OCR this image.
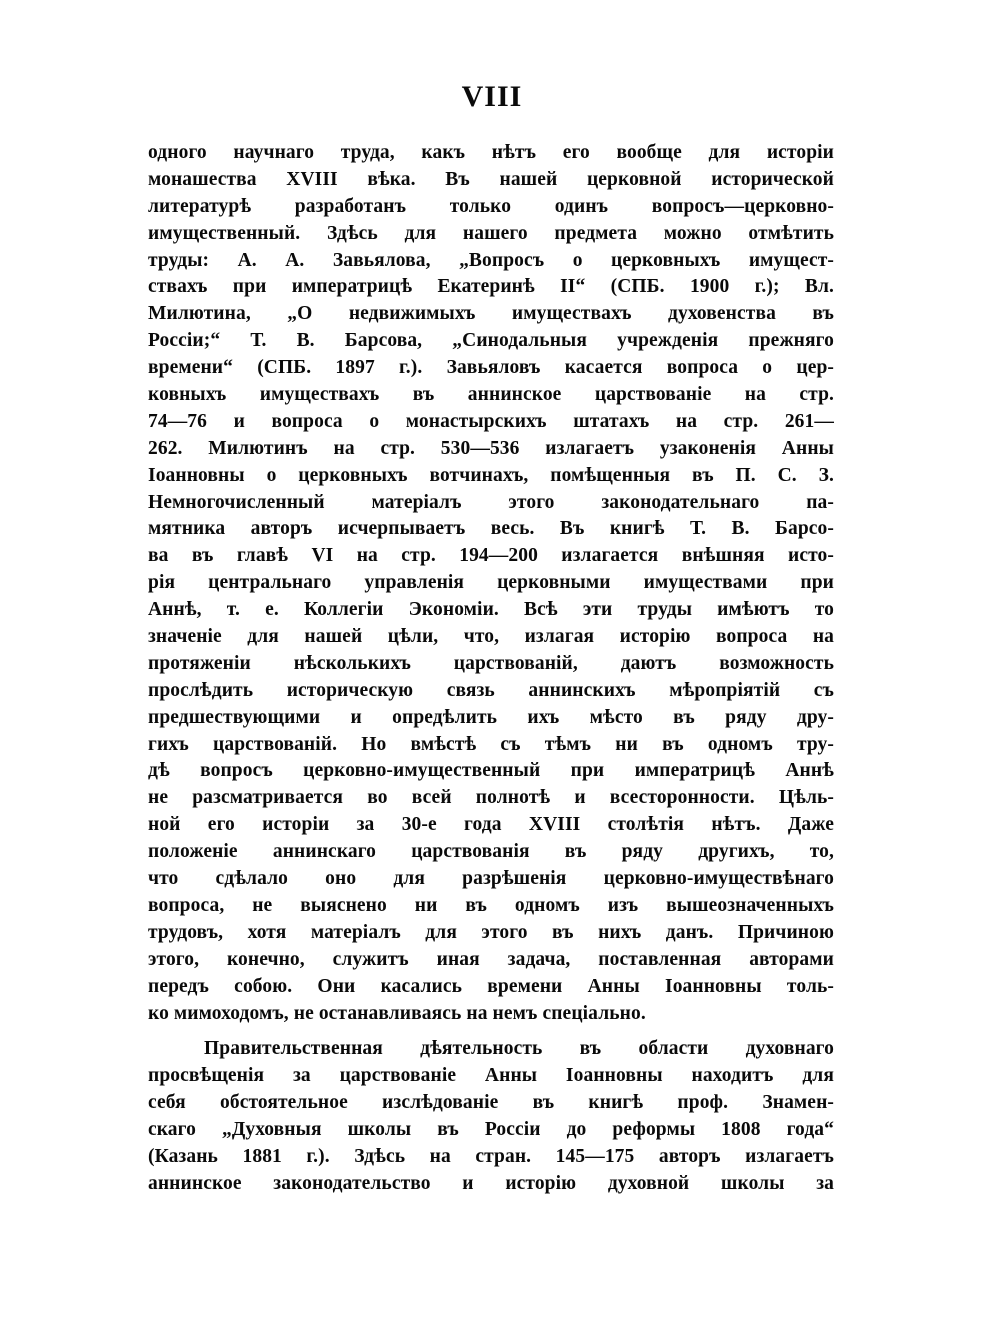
VIII
одного научнаго труда, какъ нѣтъ его вообще для исторіи
монашества XVIII вѣка. Въ нашей церковной исторической
литературѣ разработанъ только одинъ вопросъ—церковно-
имущественный. Здѣсь для нашего предмета можно отмѣтить
труды: А. А. Завьялова, „Вопросъ о церковныхъ имущест-
ствахъ при императрицѣ Екатеринѣ II“ (СПБ. 1900 г.); Вл.
Милютина, „О недвижимыхъ имуществахъ духовенства въ
Россіи;“ Т. В. Барсова, „Синодальныя учрежденія прежняго
времени“ (СПБ. 1897 г.). Завьяловъ касается вопроса о цер-
ковныхъ имуществахъ въ аннинское царствованіе на стр.
74—76 и вопроса о монастырскихъ штатахъ на стр. 261—
262. Милютинъ на стр. 530—536 излагаетъ узаконенія Анны
Іоанновны о церковныхъ вотчинахъ, помѣщенныя въ П. С. З.
Немногочисленный матеріалъ этого законодательнаго па-
мятника авторъ исчерпываетъ весь. Въ книгѣ Т. В. Барсо-
ва въ главѣ VI на стр. 194—200 излагается внѣшняя исто-
рія центральнаго управленія церковными имуществами при
Аннѣ, т. е. Коллегіи Экономіи. Всѣ эти труды имѣютъ то
значеніе для нашей цѣли, что, излагая исторію вопроса на
протяженіи нѣсколькихъ царствованій, даютъ возможность
прослѣдить историческую связь аннинскихъ мѣропріятій съ
предшествующими и опредѣлить ихъ мѣсто въ ряду дру-
гихъ царствованій. Но вмѣстѣ съ тѣмъ ни въ одномъ тру-
дѣ вопросъ церковно-имущественный при императрицѣ Аннѣ
не разсматривается во всей полнотѣ и всесторонности. Цѣль-
ной его исторіи за 30-е года XVIII столѣтія нѣтъ. Даже
положеніе аннинскаго царствованія въ ряду другихъ, то,
что сдѣлало оно для разрѣшенія церковно-имуществѣнаго
вопроса, не выяснено ни въ одномъ изъ вышеозначенныхъ
трудовъ, хотя матеріалъ для этого въ нихъ данъ. Причиною
этого, конечно, служитъ иная задача, поставленная авторами
передъ собою. Они касались времени Анны Іоанновны толь-
ко мимоходомъ, не останавливаясь на немъ спеціально.
Правительственная дѣятельность въ области духовнаго
просвѣщенія за царствованіе Анны Іоанновны находитъ для
себя обстоятельное изслѣдованіе въ книгѣ проф. Знамен-
скаго „Духовныя школы въ Россіи до реформы 1808 года“
(Казань 1881 г.). Здѣсь на стран. 145—175 авторъ излагаетъ
аннинское законодательство и исторію духовной школы за
